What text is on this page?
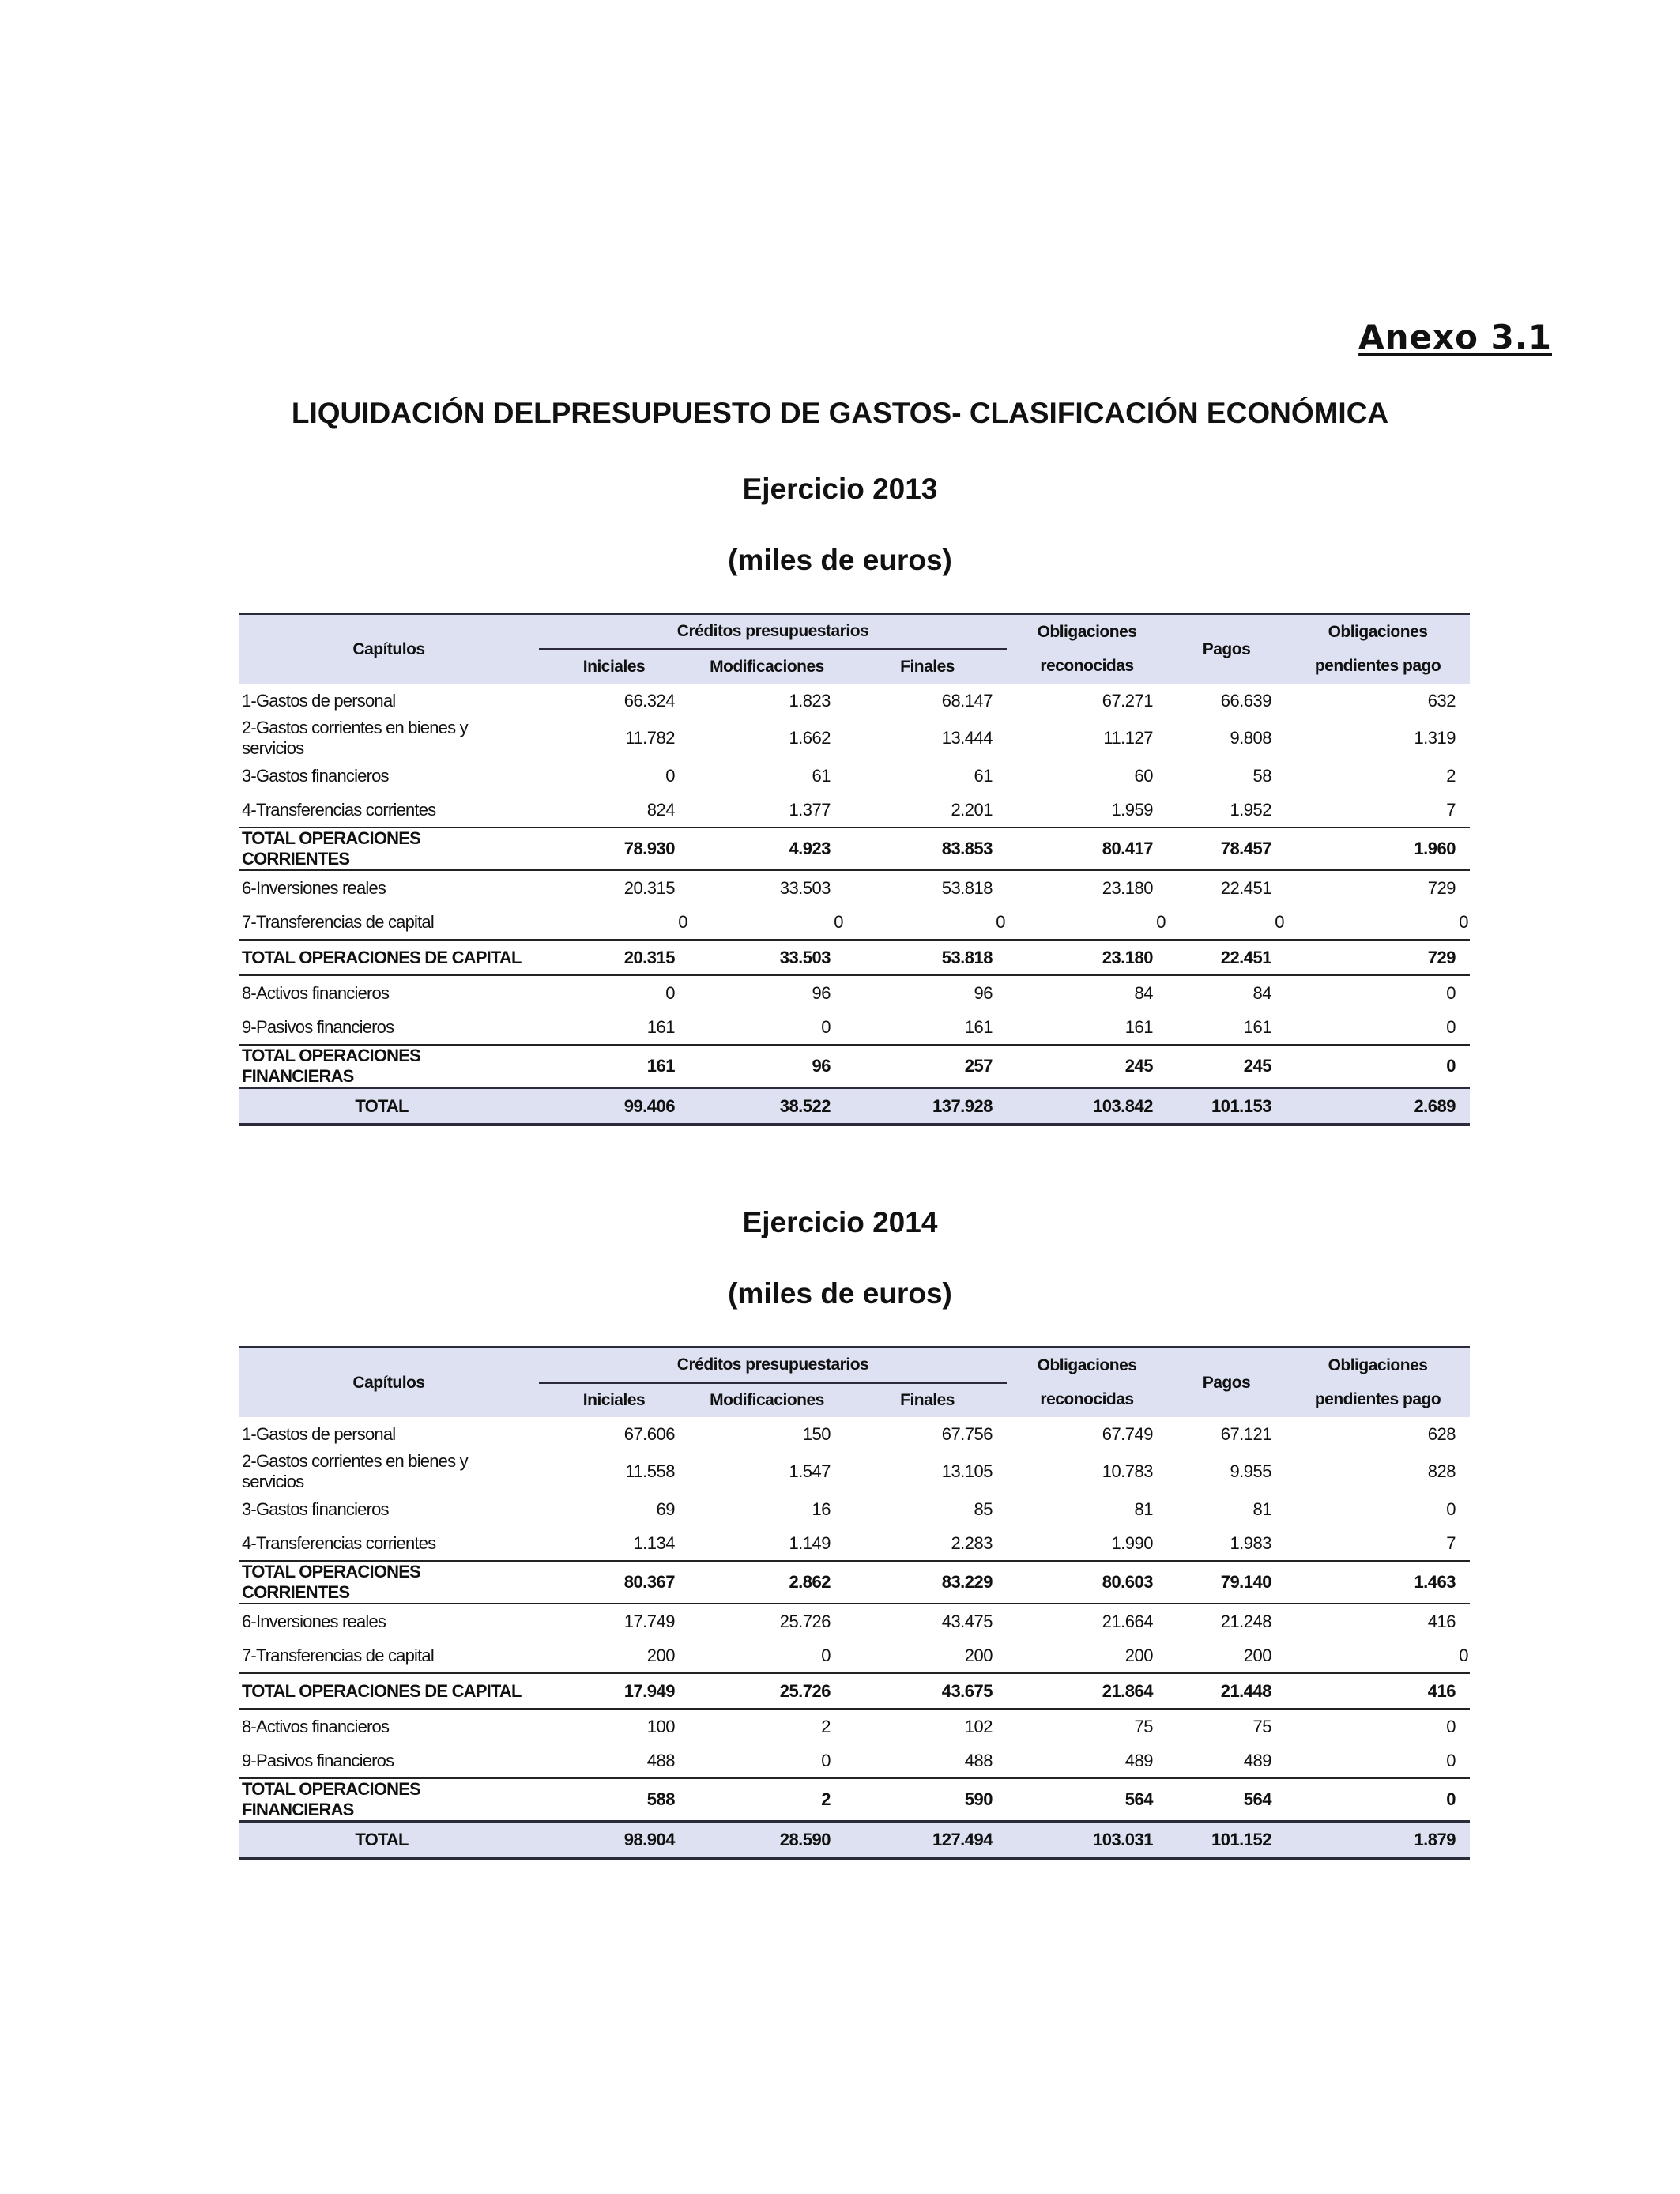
Anexo 3.1
LIQUIDACIÓN DELPRESUPUESTO DE GASTOS- CLASIFICACIÓN ECONÓMICA
Ejercicio 2013
(miles de euros)
Capítulos	Créditos presupuestarios			Obligaciones	Pagos	Obligaciones
	Iniciales	Modificaciones	Finales	reconocidas		pendientes pago
1-Gastos de personal	66.324	1.823	68.147	67.271	66.639	632
2-Gastos corrientes en bienes y servicios	11.782	1.662	13.444	11.127	9.808	1.319
3-Gastos financieros	0	61	61	60	58	2
4-Transferencias corrientes	824	1.377	2.201	1.959	1.952	7
TOTAL OPERACIONES CORRIENTES	78.930	4.923	83.853	80.417	78.457	1.960
6-Inversiones reales	20.315	33.503	53.818	23.180	22.451	729
7-Transferencias de capital	0	0	0	0	0	0
TOTAL OPERACIONES DE CAPITAL	20.315	33.503	53.818	23.180	22.451	729
8-Activos financieros	0	96	96	84	84	0
9-Pasivos financieros	161	0	161	161	161	0
TOTAL OPERACIONES FINANCIERAS	161	96	257	245	245	0
TOTAL	99.406	38.522	137.928	103.842	101.153	2.689
Ejercicio 2014
(miles de euros)
Capítulos	Créditos presupuestarios			Obligaciones	Pagos	Obligaciones
	Iniciales	Modificaciones	Finales	reconocidas		pendientes pago
1-Gastos de personal	67.606	150	67.756	67.749	67.121	628
2-Gastos corrientes en bienes y servicios	11.558	1.547	13.105	10.783	9.955	828
3-Gastos financieros	69	16	85	81	81	0
4-Transferencias corrientes	1.134	1.149	2.283	1.990	1.983	7
TOTAL OPERACIONES CORRIENTES	80.367	2.862	83.229	80.603	79.140	1.463
6-Inversiones reales	17.749	25.726	43.475	21.664	21.248	416
7-Transferencias de capital	200	0	200	200	200	0
TOTAL OPERACIONES DE CAPITAL	17.949	25.726	43.675	21.864	21.448	416
8-Activos financieros	100	2	102	75	75	0
9-Pasivos financieros	488	0	488	489	489	0
TOTAL OPERACIONES FINANCIERAS	588	2	590	564	564	0
TOTAL	98.904	28.590	127.494	103.031	101.152	1.879
